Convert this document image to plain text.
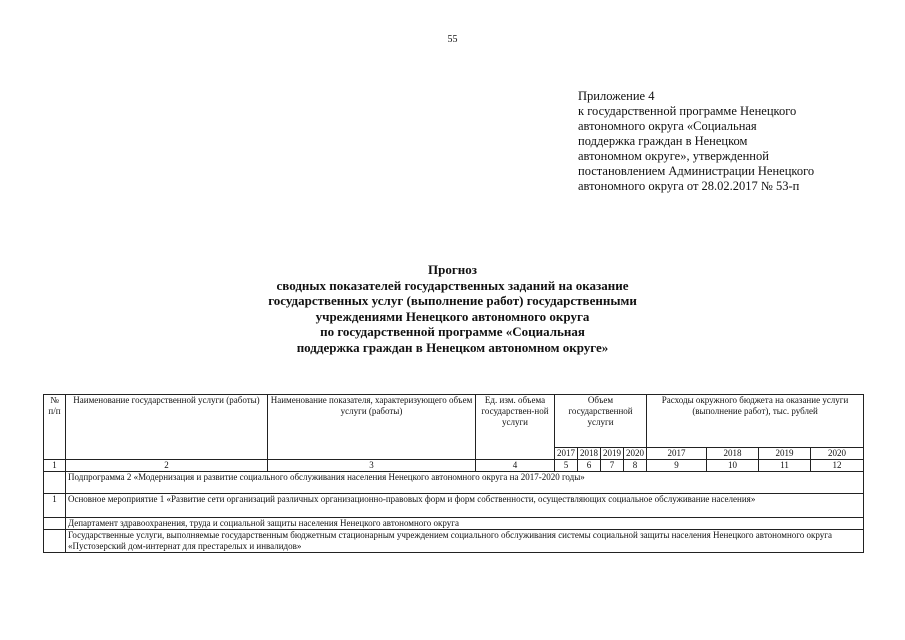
55
Приложение 4
к государственной программе Ненецкого
автономного округа «Социальная
поддержка граждан в Ненецком
автономном округе», утвержденной
постановлением Администрации Ненецкого
автономного округа от 28.02.2017 № 53-п
Прогноз
сводных показателей государственных заданий на оказание
государственных услуг (выполнение работ) государственными
учреждениями Ненецкого автономного округа
по государственной программе «Социальная
поддержка граждан в Ненецком автономном округе»
№ п/п	Наименование государственной услуги (работы)	Наименование показателя, характеризующего объем услуги (работы)	Ед. изм. объема государствен-ной услуги	Объем государственной услуги				Расходы окружного бюджета на оказание услуги (выполнение работ), тыс. рублей			
				2017	2018	2019	2020	2017	2018	2019	2020
1	2	3	4	5	6	7	8	9	10	11	12
	Подпрограмма 2 «Модернизация и развитие социального обслуживания населения Ненецкого автономного округа на 2017-2020 годы»										
1	Основное мероприятие 1 «Развитие сети организаций различных организационно-правовых форм и форм собственности, осуществляющих социальное обслуживание населения»										
	Департамент здравоохранения, труда и социальной защиты населения Ненецкого автономного округа										
	Государственные услуги, выполняемые государственным бюджетным стационарным учреждением социального обслуживания системы социальной защиты населения Ненецкого автономного округа «Пустозерский дом-интернат для престарелых и инвалидов»										
